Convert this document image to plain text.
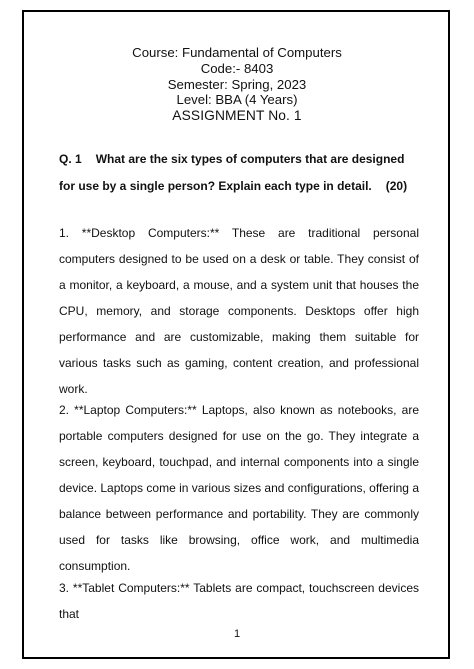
Course: Fundamental of Computers
Code:- 8403
Semester: Spring, 2023
Level: BBA (4 Years)
ASSIGNMENT No. 1
Q. 1 What are the six types of computers that are designed for use by a single person? Explain each type in detail. (20)
1. **Desktop Computers:** These are traditional personal computers designed to be used on a desk or table. They consist of a monitor, a keyboard, a mouse, and a system unit that houses the CPU, memory, and storage components. Desktops offer high performance and are customizable, making them suitable for various tasks such as gaming, content creation, and professional work.
2. **Laptop Computers:** Laptops, also known as notebooks, are portable computers designed for use on the go. They integrate a screen, keyboard, touchpad, and internal components into a single device. Laptops come in various sizes and configurations, offering a balance between performance and portability. They are commonly used for tasks like browsing, office work, and multimedia consumption.
3. **Tablet Computers:** Tablets are compact, touchscreen devices that
1
